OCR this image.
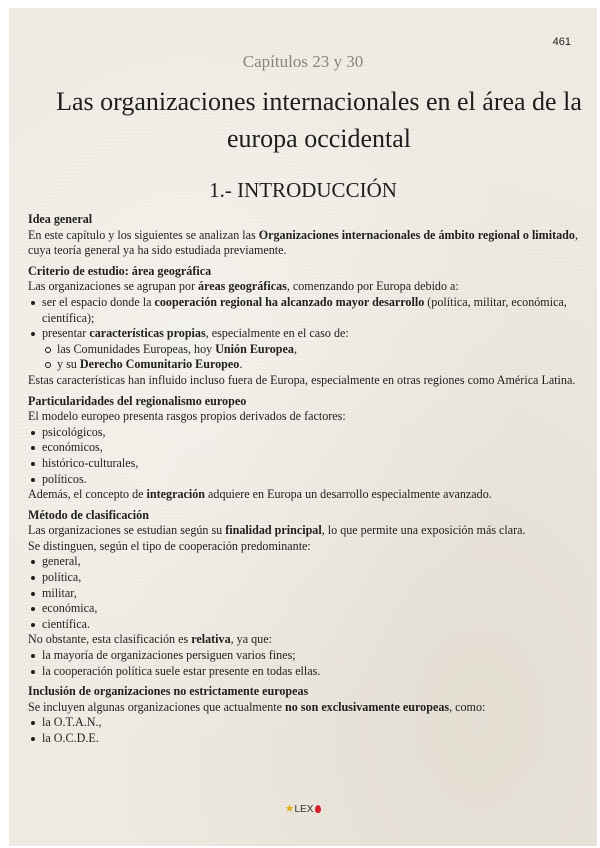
461
Capítulos 23 y 30
Las organizaciones internacionales en el área de la europa occidental
1.- INTRODUCCIÓN
Idea general

En este capítulo y los siguientes se analizan las Organizaciones internacionales de ámbito regional o limitado, cuya teoría general ya ha sido estudiada previamente.

Criterio de estudio: área geográfica

Las organizaciones se agrupan por áreas geográficas, comenzando por Europa debido a:

ser el espacio donde la cooperación regional ha alcanzado mayor desarrollo (política, militar, económica, científica);
presentar características propias, especialmente en el caso de:
las Comunidades Europeas, hoy Unión Europea,
y su Derecho Comunitario Europeo.

Estas características han influido incluso fuera de Europa, especialmente en otras regiones como América Latina.

Particularidades del regionalismo europeo

El modelo europeo presenta rasgos propios derivados de factores:

psicológicos,
económicos,
histórico-culturales,
políticos.

Además, el concepto de integración adquiere en Europa un desarrollo especialmente avanzado.

Método de clasificación

Las organizaciones se estudian según su finalidad principal, lo que permite una exposición más clara.

Se distinguen, según el tipo de cooperación predominante:

general,
política,
militar,
económica,
científica.

No obstante, esta clasificación es relativa, ya que:

la mayoría de organizaciones persiguen varios fines;
la cooperación política suele estar presente en todas ellas.
Inclusión de organizaciones no estrictamente europeas

Se incluyen algunas organizaciones que actualmente no son exclusivamente europeas, como:

la O.T.A.N.,
la O.C.D.E.
★LEX
